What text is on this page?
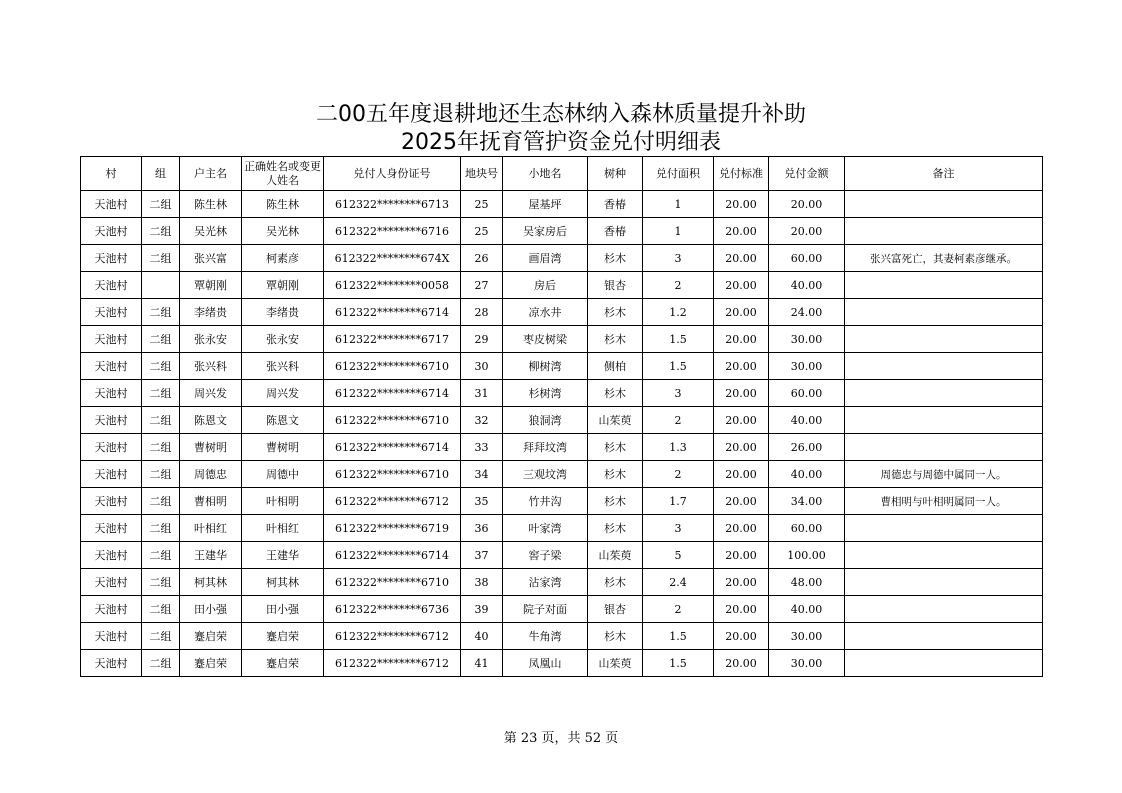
二00五年度退耕地还生态林纳入森林质量提升补助
2025年抚育管护资金兑付明细表
村	组	户主名	正确姓名或变更人姓名	兑付人身份证号	地块号	小地名	树种	兑付面积	兑付标准	兑付金额	备注
天池村	二组	陈生林	陈生林	612322********6713	25	屋基坪	香椿	1	20.00	20.00	
天池村	二组	吴光林	吴光林	612322********6716	25	吴家房后	香椿	1	20.00	20.00	
天池村	二组	张兴富	柯素彦	612322********674X	26	画眉湾	杉木	3	20.00	60.00	张兴富死亡，其妻柯素彦继承。
天池村		覃朝刚	覃朝刚	612322********0058	27	房后	银杏	2	20.00	40.00	
天池村	二组	李绪贵	李绪贵	612322********6714	28	凉水井	杉木	1.2	20.00	24.00	
天池村	二组	张永安	张永安	612322********6717	29	枣皮树梁	杉木	1.5	20.00	30.00	
天池村	二组	张兴科	张兴科	612322********6710	30	柳树湾	侧柏	1.5	20.00	30.00	
天池村	二组	周兴发	周兴发	612322********6714	31	杉树湾	杉木	3	20.00	60.00	
天池村	二组	陈恩文	陈恩文	612322********6710	32	狼洞湾	山茱萸	2	20.00	40.00	
天池村	二组	曹树明	曹树明	612322********6714	33	拜拜坟湾	杉木	1.3	20.00	26.00	
天池村	二组	周德忠	周德中	612322********6710	34	三观坟湾	杉木	2	20.00	40.00	周德忠与周德中属同一人。
天池村	二组	曹相明	叶相明	612322********6712	35	竹井沟	杉木	1.7	20.00	34.00	曹相明与叶相明属同一人。
天池村	二组	叶相红	叶相红	612322********6719	36	叶家湾	杉木	3	20.00	60.00	
天池村	二组	王建华	王建华	612322********6714	37	窖子梁	山茱萸	5	20.00	100.00	
天池村	二组	柯其林	柯其林	612322********6710	38	沾家湾	杉木	2.4	20.00	48.00	
天池村	二组	田小强	田小强	612322********6736	39	院子对面	银杏	2	20.00	40.00	
天池村	二组	蹇启荣	蹇启荣	612322********6712	40	牛角湾	杉木	1.5	20.00	30.00	
天池村	二组	蹇启荣	蹇启荣	612322********6712	41	凤凰山	山茱萸	1.5	20.00	30.00	
第 23 页，共 52 页
